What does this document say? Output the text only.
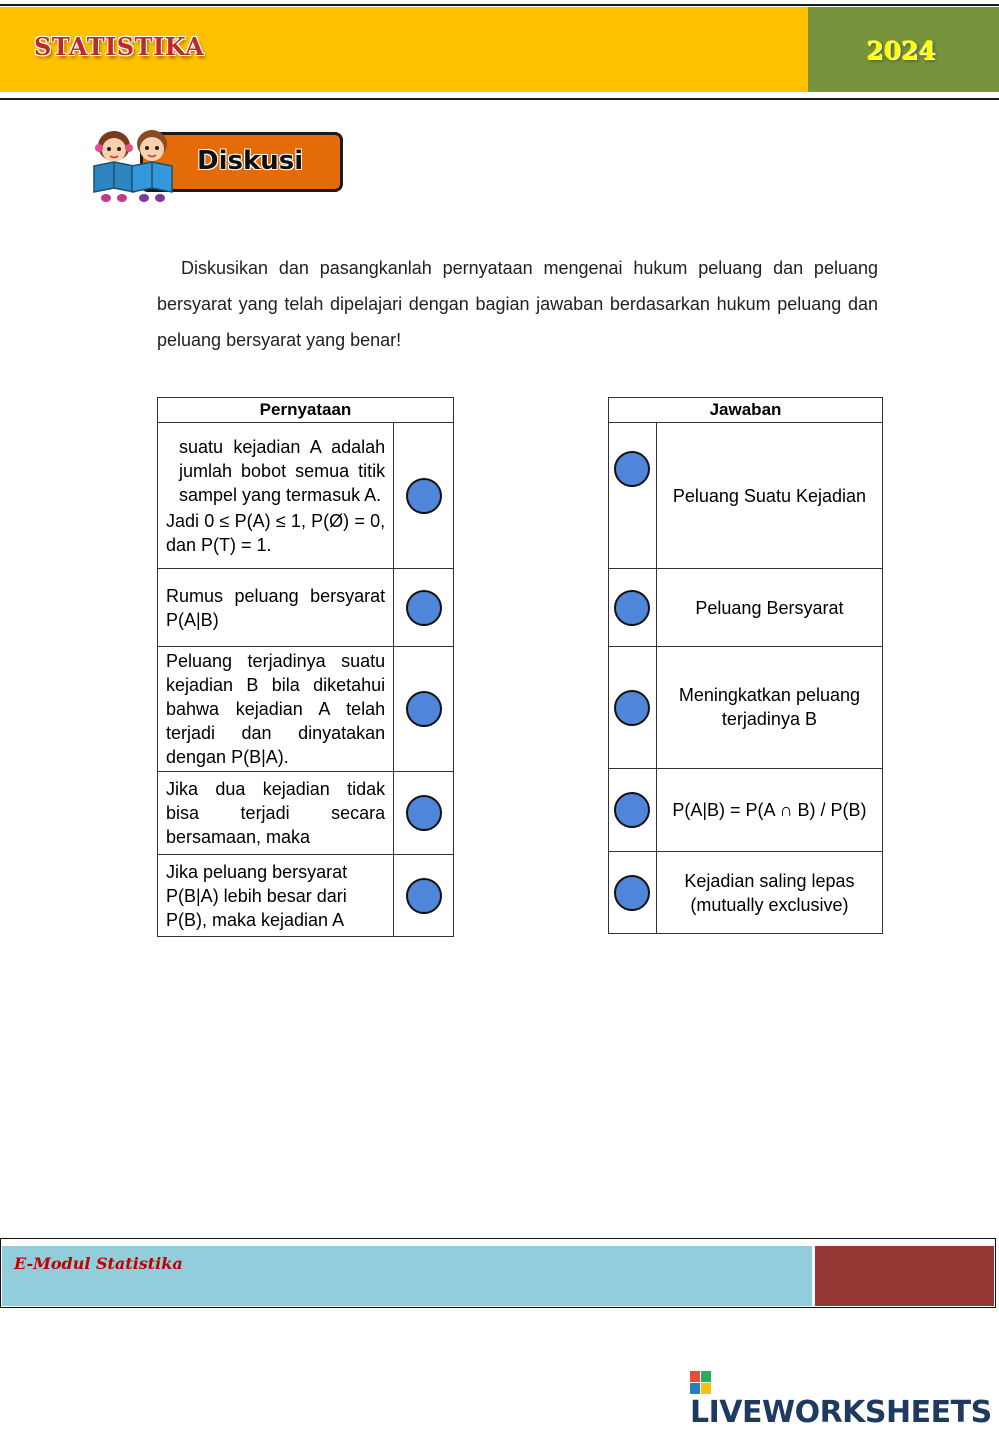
STATISTIKA	2024
Diskusi
Diskusikan dan pasangkanlah pernyataan mengenai hukum peluang dan peluang bersyarat yang telah dipelajari dengan bagian jawaban berdasarkan hukum peluang dan peluang bersyarat yang benar!
Pernyataan	

suatu kejadian A adalah jumlah bobot semua titik sampel yang termasuk A.
Jadi 0 ≤ P(A) ≤ 1, P(Ø) = 0, dan P(T) = 1.	

Rumus peluang bersyarat P(A|B)	

Peluang terjadinya suatu kejadian B bila diketahui bahwa kejadian A telah terjadi dan dinyatakan dengan P(B|A).	

Jika dua kejadian tidak bisa terjadi secara bersamaan, maka	

Jika peluang bersyarat P(B|A) lebih besar dari P(B), maka kejadian A	

Jawaban	

	Peluang Suatu Kejadian

	Peluang Bersyarat

	Meningkatkan peluang terjadinya B

	P(A|B) = P(A ∩ B) / P(B)

	Kejadian saling lepas (mutually exclusive)
E-Modul Statistika
LIVEWORKSHEETS
